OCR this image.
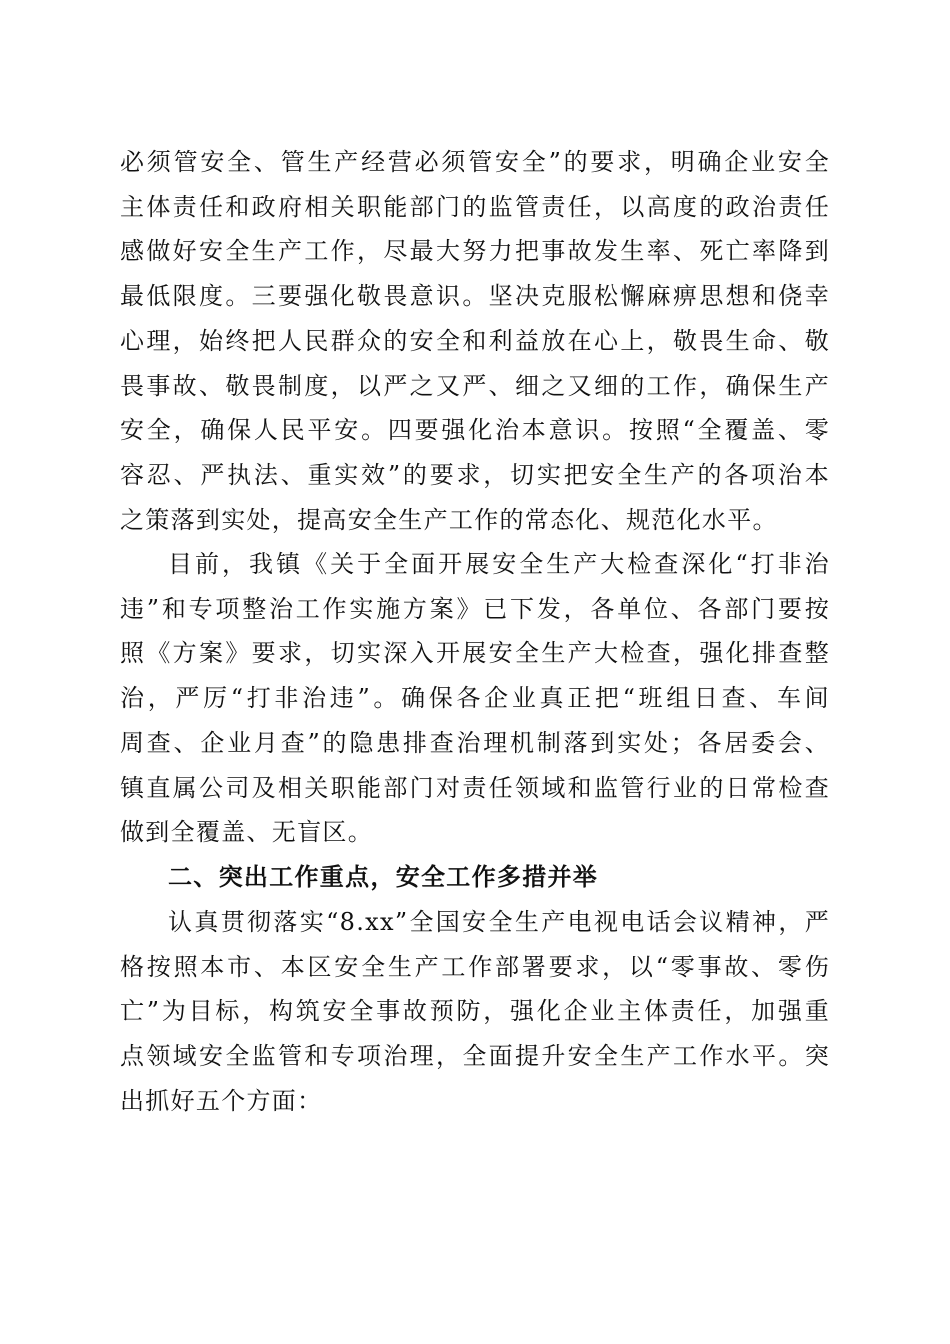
必须管安全、管生产经营必须管安全”的要求，明确企业安全
主体责任和政府相关职能部门的监管责任，以高度的政治责任
感做好安全生产工作，尽最大努力把事故发生率、死亡率降到
最低限度。三要强化敬畏意识。坚决克服松懈麻痹思想和侥幸
心理，始终把人民群众的安全和利益放在心上，敬畏生命、敬
畏事故、敬畏制度，以严之又严、细之又细的工作，确保生产
安全，确保人民平安。四要强化治本意识。按照“全覆盖、零
容忍、严执法、重实效”的要求，切实把安全生产的各项治本
之策落到实处，提高安全生产工作的常态化、规范化水平。
目前，我镇《关于全面开展安全生产大检查深化“打非治
违”和专项整治工作实施方案》已下发，各单位、各部门要按
照《方案》要求，切实深入开展安全生产大检查，强化排查整
治，严厉“打非治违”。确保各企业真正把“班组日查、车间
周查、企业月查”的隐患排查治理机制落到实处；各居委会、
镇直属公司及相关职能部门对责任领域和监管行业的日常检查
做到全覆盖、无盲区。
二、突出工作重点，安全工作多措并举
认真贯彻落实“8.xx”全国安全生产电视电话会议精神，严
格按照本市、本区安全生产工作部署要求，以“零事故、零伤
亡”为目标，构筑安全事故预防，强化企业主体责任，加强重
点领域安全监管和专项治理，全面提升安全生产工作水平。突
出抓好五个方面：
